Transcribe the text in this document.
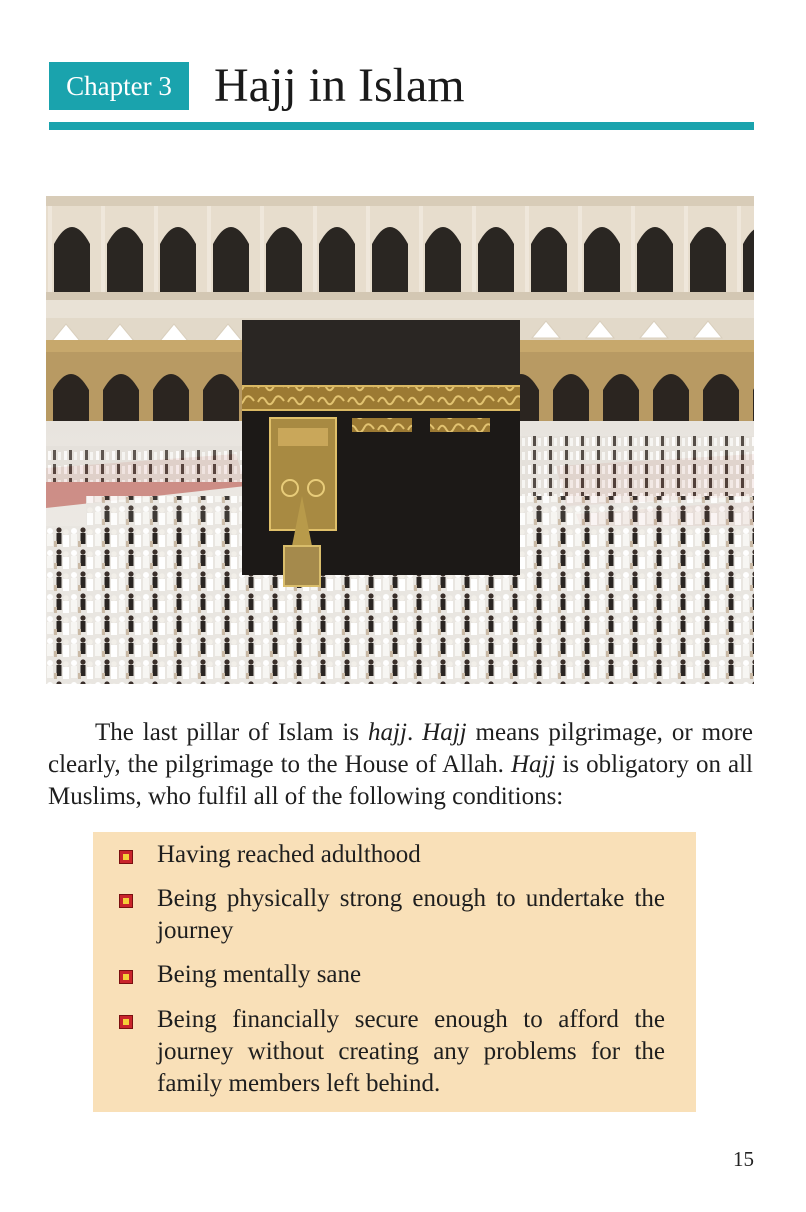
Chapter 3 Hajj in Islam

The last pillar of Islam is hajj. Hajj means pilgrimage, or more clearly, the pilgrimage to the House of Allah. Hajj is obligatory on all Muslims, who fulfil all of the following conditions:

Having reached adulthood
Being physically strong enough to undertake the journey
Being mentally sane
Being financially secure enough to afford the journey without creating any problems for the family members left behind.
15
